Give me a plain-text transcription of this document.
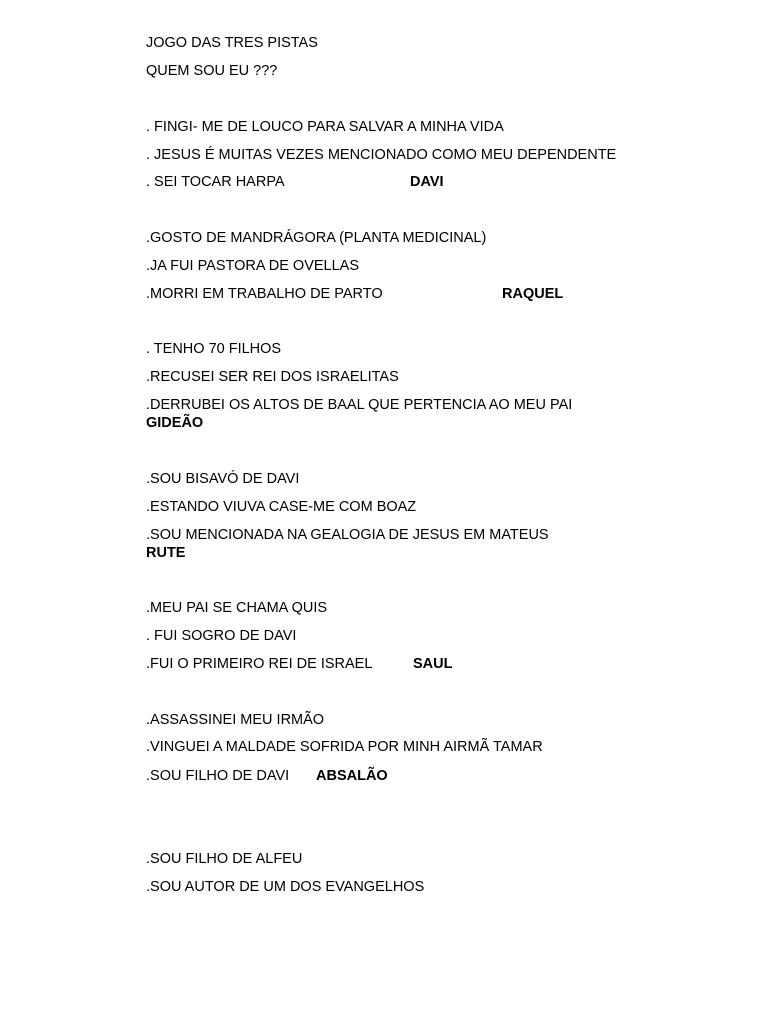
JOGO DAS TRES PISTAS
QUEM SOU EU ???
. FINGI- ME DE LOUCO PARA SALVAR A MINHA VIDA
. JESUS É MUITAS VEZES MENCIONADO COMO MEU DEPENDENTE
. SEI TOCAR HARPA	DAVI
.GOSTO DE MANDRÁGORA (PLANTA MEDICINAL)
.JA FUI PASTORA DE OVELLAS
.MORRI EM TRABALHO DE PARTO	RAQUEL
. TENHO 70 FILHOS
.RECUSEI SER REI DOS ISRAELITAS
.DERRUBEI OS ALTOS DE BAAL QUE PERTENCIA AO MEU PAI
GIDEÃO
.SOU BISAVÓ DE DAVI
.ESTANDO VIUVA CASE-ME COM BOAZ
.SOU MENCIONADA NA GEALOGIA DE JESUS EM MATEUS
RUTE
.MEU PAI SE CHAMA QUIS
. FUI SOGRO DE DAVI
.FUI O PRIMEIRO REI DE ISRAEL	SAUL
.ASSASSINEI MEU IRMÃO
.VINGUEI A MALDADE SOFRIDA POR MINH AIRMÃ TAMAR
.SOU FILHO DE DAVI ABSALÃO
.SOU FILHO DE ALFEU
.SOU AUTOR DE UM DOS EVANGELHOS
